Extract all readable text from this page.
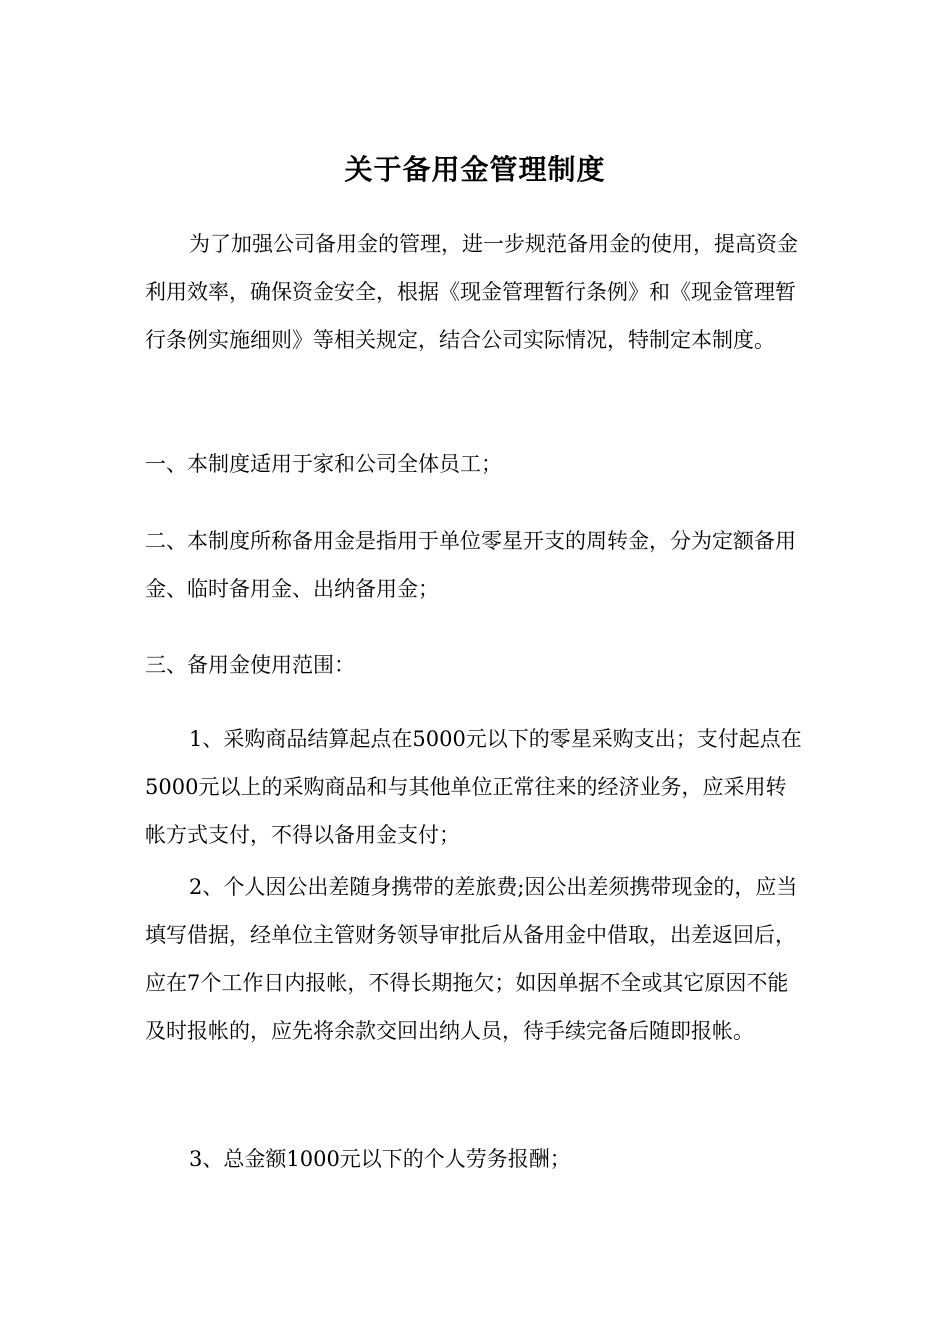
关于备用金管理制度

为了加强公司备用金的管理，进一步规范备用金的使用，提高资金利用效率，确保资金安全，根据《现金管理暂行条例》和《现金管理暂行条例实施细则》等相关规定，结合公司实际情况，特制定本制度。

一、本制度适用于家和公司全体员工；

二、本制度所称备用金是指用于单位零星开支的周转金，分为定额备用金、临时备用金、出纳备用金；

三、备用金使用范围：

1、采购商品结算起点在5000元以下的零星采购支出；支付起点在5000元以上的采购商品和与其他单位正常往来的经济业务，应采用转帐方式支付，不得以备用金支付；

2、个人因公出差随身携带的差旅费;因公出差须携带现金的，应当填写借据，经单位主管财务领导审批后从备用金中借取，出差返回后，应在7个工作日内报帐，不得长期拖欠；如因单据不全或其它原因不能及时报帐的，应先将余款交回出纳人员，待手续完备后随即报帐。

3、总金额1000元以下的个人劳务报酬；
